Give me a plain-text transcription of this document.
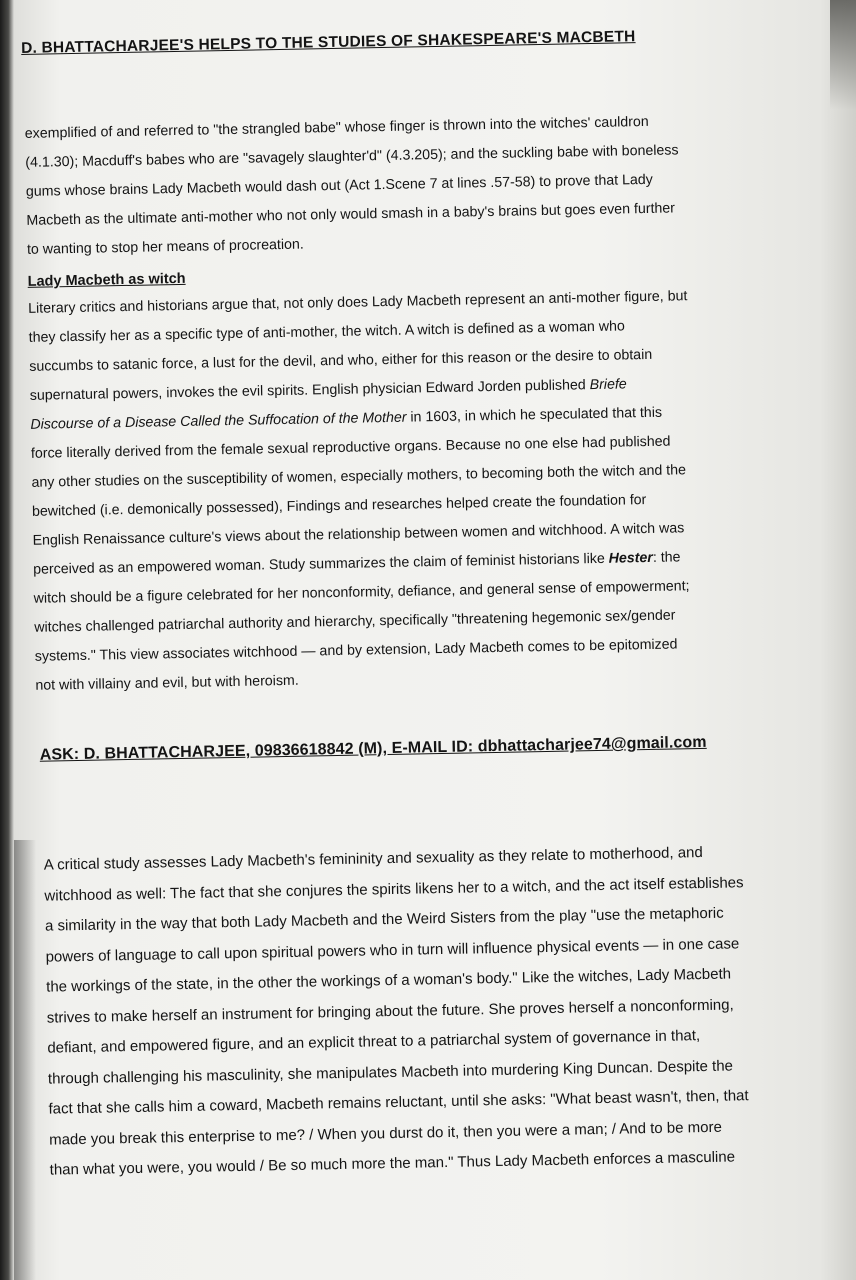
D. BHATTACHARJEE'S HELPS TO THE STUDIES OF SHAKESPEARE'S MACBETH

exemplified of and referred to "the strangled babe" whose finger is thrown into the witches' cauldron
(4.1.30); Macduff's babes who are "savagely slaughter'd" (4.3.205); and the suckling babe with boneless
gums whose brains Lady Macbeth would dash out (Act 1.Scene 7 at lines .57-58) to prove that Lady
Macbeth as the ultimate anti-mother who not only would smash in a baby's brains but goes even further
to wanting to stop her means of procreation.

Lady Macbeth as witch

Literary critics and historians argue that, not only does Lady Macbeth represent an anti-mother figure, but
they classify her as a specific type of anti-mother, the witch. A witch is defined as a woman who
succumbs to satanic force, a lust for the devil, and who, either for this reason or the desire to obtain
supernatural powers, invokes the evil spirits. English physician Edward Jorden published Briefe
Discourse of a Disease Called the Suffocation of the Mother in 1603, in which he speculated that this
force literally derived from the female sexual reproductive organs. Because no one else had published
any other studies on the susceptibility of women, especially mothers, to becoming both the witch and the
bewitched (i.e. demonically possessed), Findings and researches helped create the foundation for
English Renaissance culture's views about the relationship between women and witchhood. A witch was
perceived as an empowered woman. Study summarizes the claim of feminist historians like Hester: the
witch should be a figure celebrated for her nonconformity, defiance, and general sense of empowerment;
witches challenged patriarchal authority and hierarchy, specifically "threatening hegemonic sex/gender
systems." This view associates witchhood — and by extension, Lady Macbeth comes to be epitomized
not with villainy and evil, but with heroism.

ASK: D. BHATTACHARJEE, 09836618842 (M), E-MAIL ID: dbhattacharjee74@gmail.com

A critical study assesses Lady Macbeth's femininity and sexuality as they relate to motherhood, and
witchhood as well: The fact that she conjures the spirits likens her to a witch, and the act itself establishes
a similarity in the way that both Lady Macbeth and the Weird Sisters from the play "use the metaphoric
powers of language to call upon spiritual powers who in turn will influence physical events — in one case
the workings of the state, in the other the workings of a woman's body." Like the witches, Lady Macbeth
strives to make herself an instrument for bringing about the future. She proves herself a nonconforming,
defiant, and empowered figure, and an explicit threat to a patriarchal system of governance in that,
through challenging his masculinity, she manipulates Macbeth into murdering King Duncan. Despite the
fact that she calls him a coward, Macbeth remains reluctant, until she asks: "What beast wasn't, then, that
made you break this enterprise to me? / When you durst do it, then you were a man; / And to be more
than what you were, you would / Be so much more the man." Thus Lady Macbeth enforces a masculine
